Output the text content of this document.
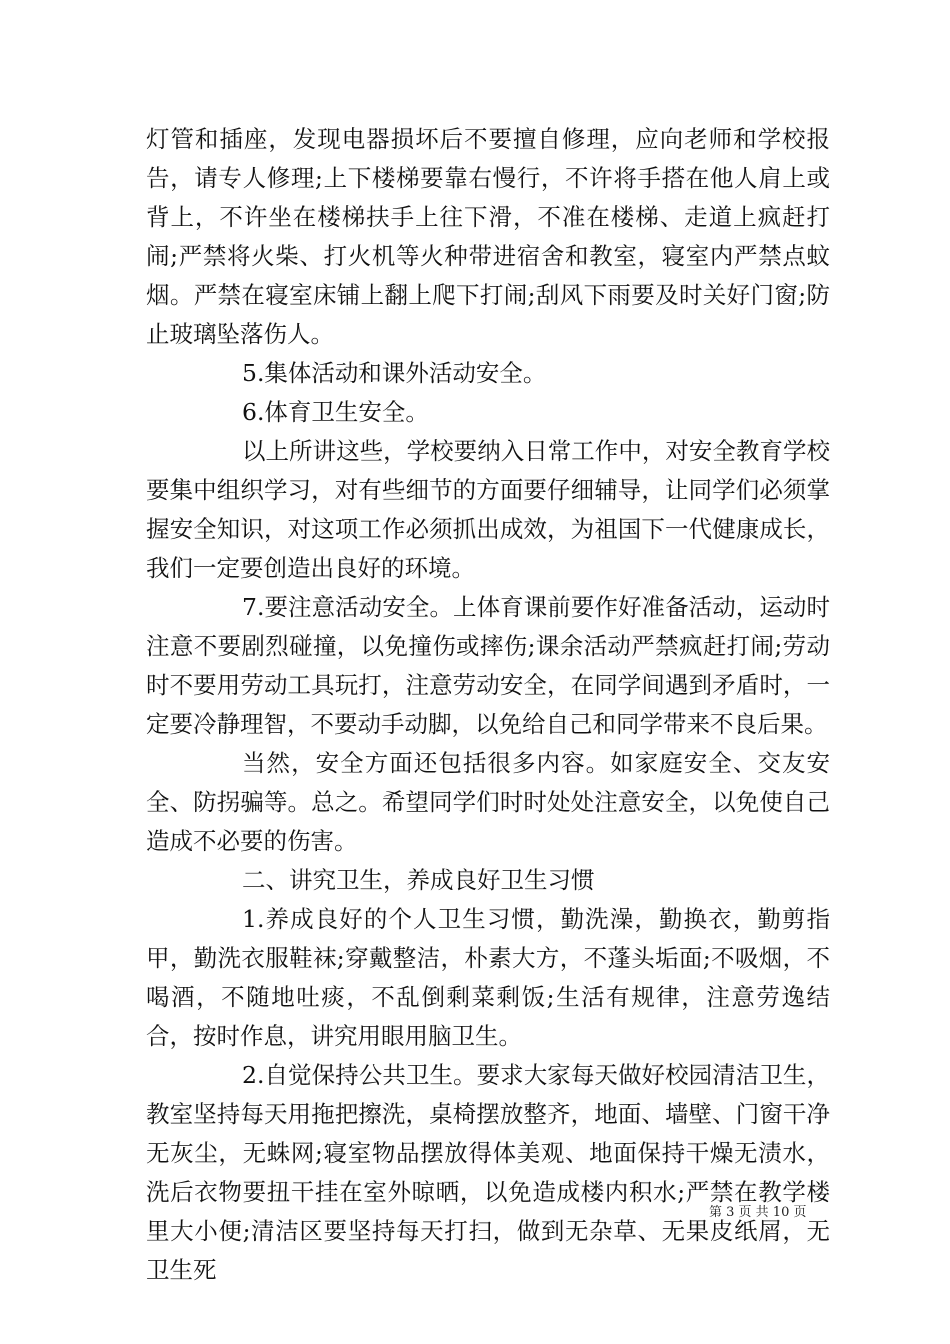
灯管和插座，发现电器损坏后不要擅自修理，应向老师和学校报告，请专人修理;上下楼梯要靠右慢行，不许将手搭在他人肩上或背上，不许坐在楼梯扶手上往下滑，不准在楼梯、走道上疯赶打闹;严禁将火柴、打火机等火种带进宿舍和教室，寝室内严禁点蚊烟。严禁在寝室床铺上翻上爬下打闹;刮风下雨要及时关好门窗;防止玻璃坠落伤人。

5.集体活动和课外活动安全。

6.体育卫生安全。

以上所讲这些，学校要纳入日常工作中，对安全教育学校要集中组织学习，对有些细节的方面要仔细辅导，让同学们必须掌握安全知识，对这项工作必须抓出成效，为祖国下一代健康成长，我们一定要创造出良好的环境。

7.要注意活动安全。上体育课前要作好准备活动，运动时注意不要剧烈碰撞，以免撞伤或摔伤;课余活动严禁疯赶打闹;劳动时不要用劳动工具玩打，注意劳动安全，在同学间遇到矛盾时，一定要冷静理智，不要动手动脚，以免给自己和同学带来不良后果。

当然，安全方面还包括很多内容。如家庭安全、交友安全、防拐骗等。总之。希望同学们时时处处注意安全，以免使自己造成不必要的伤害。

二、讲究卫生，养成良好卫生习惯

1.养成良好的个人卫生习惯，勤洗澡，勤换衣，勤剪指甲，勤洗衣服鞋袜;穿戴整洁，朴素大方，不蓬头垢面;不吸烟，不喝酒，不随地吐痰，不乱倒剩菜剩饭;生活有规律，注意劳逸结合，按时作息，讲究用眼用脑卫生。

2.自觉保持公共卫生。要求大家每天做好校园清洁卫生，教室坚持每天用拖把擦洗，桌椅摆放整齐，地面、墙壁、门窗干净无灰尘，无蛛网;寝室物品摆放得体美观、地面保持干燥无渍水，洗后衣物要扭干挂在室外晾晒，以免造成楼内积水;严禁在教学楼里大小便;清洁区要坚持每天打扫，做到无杂草、无果皮纸屑，无卫生死

第 3 页 共 10 页
